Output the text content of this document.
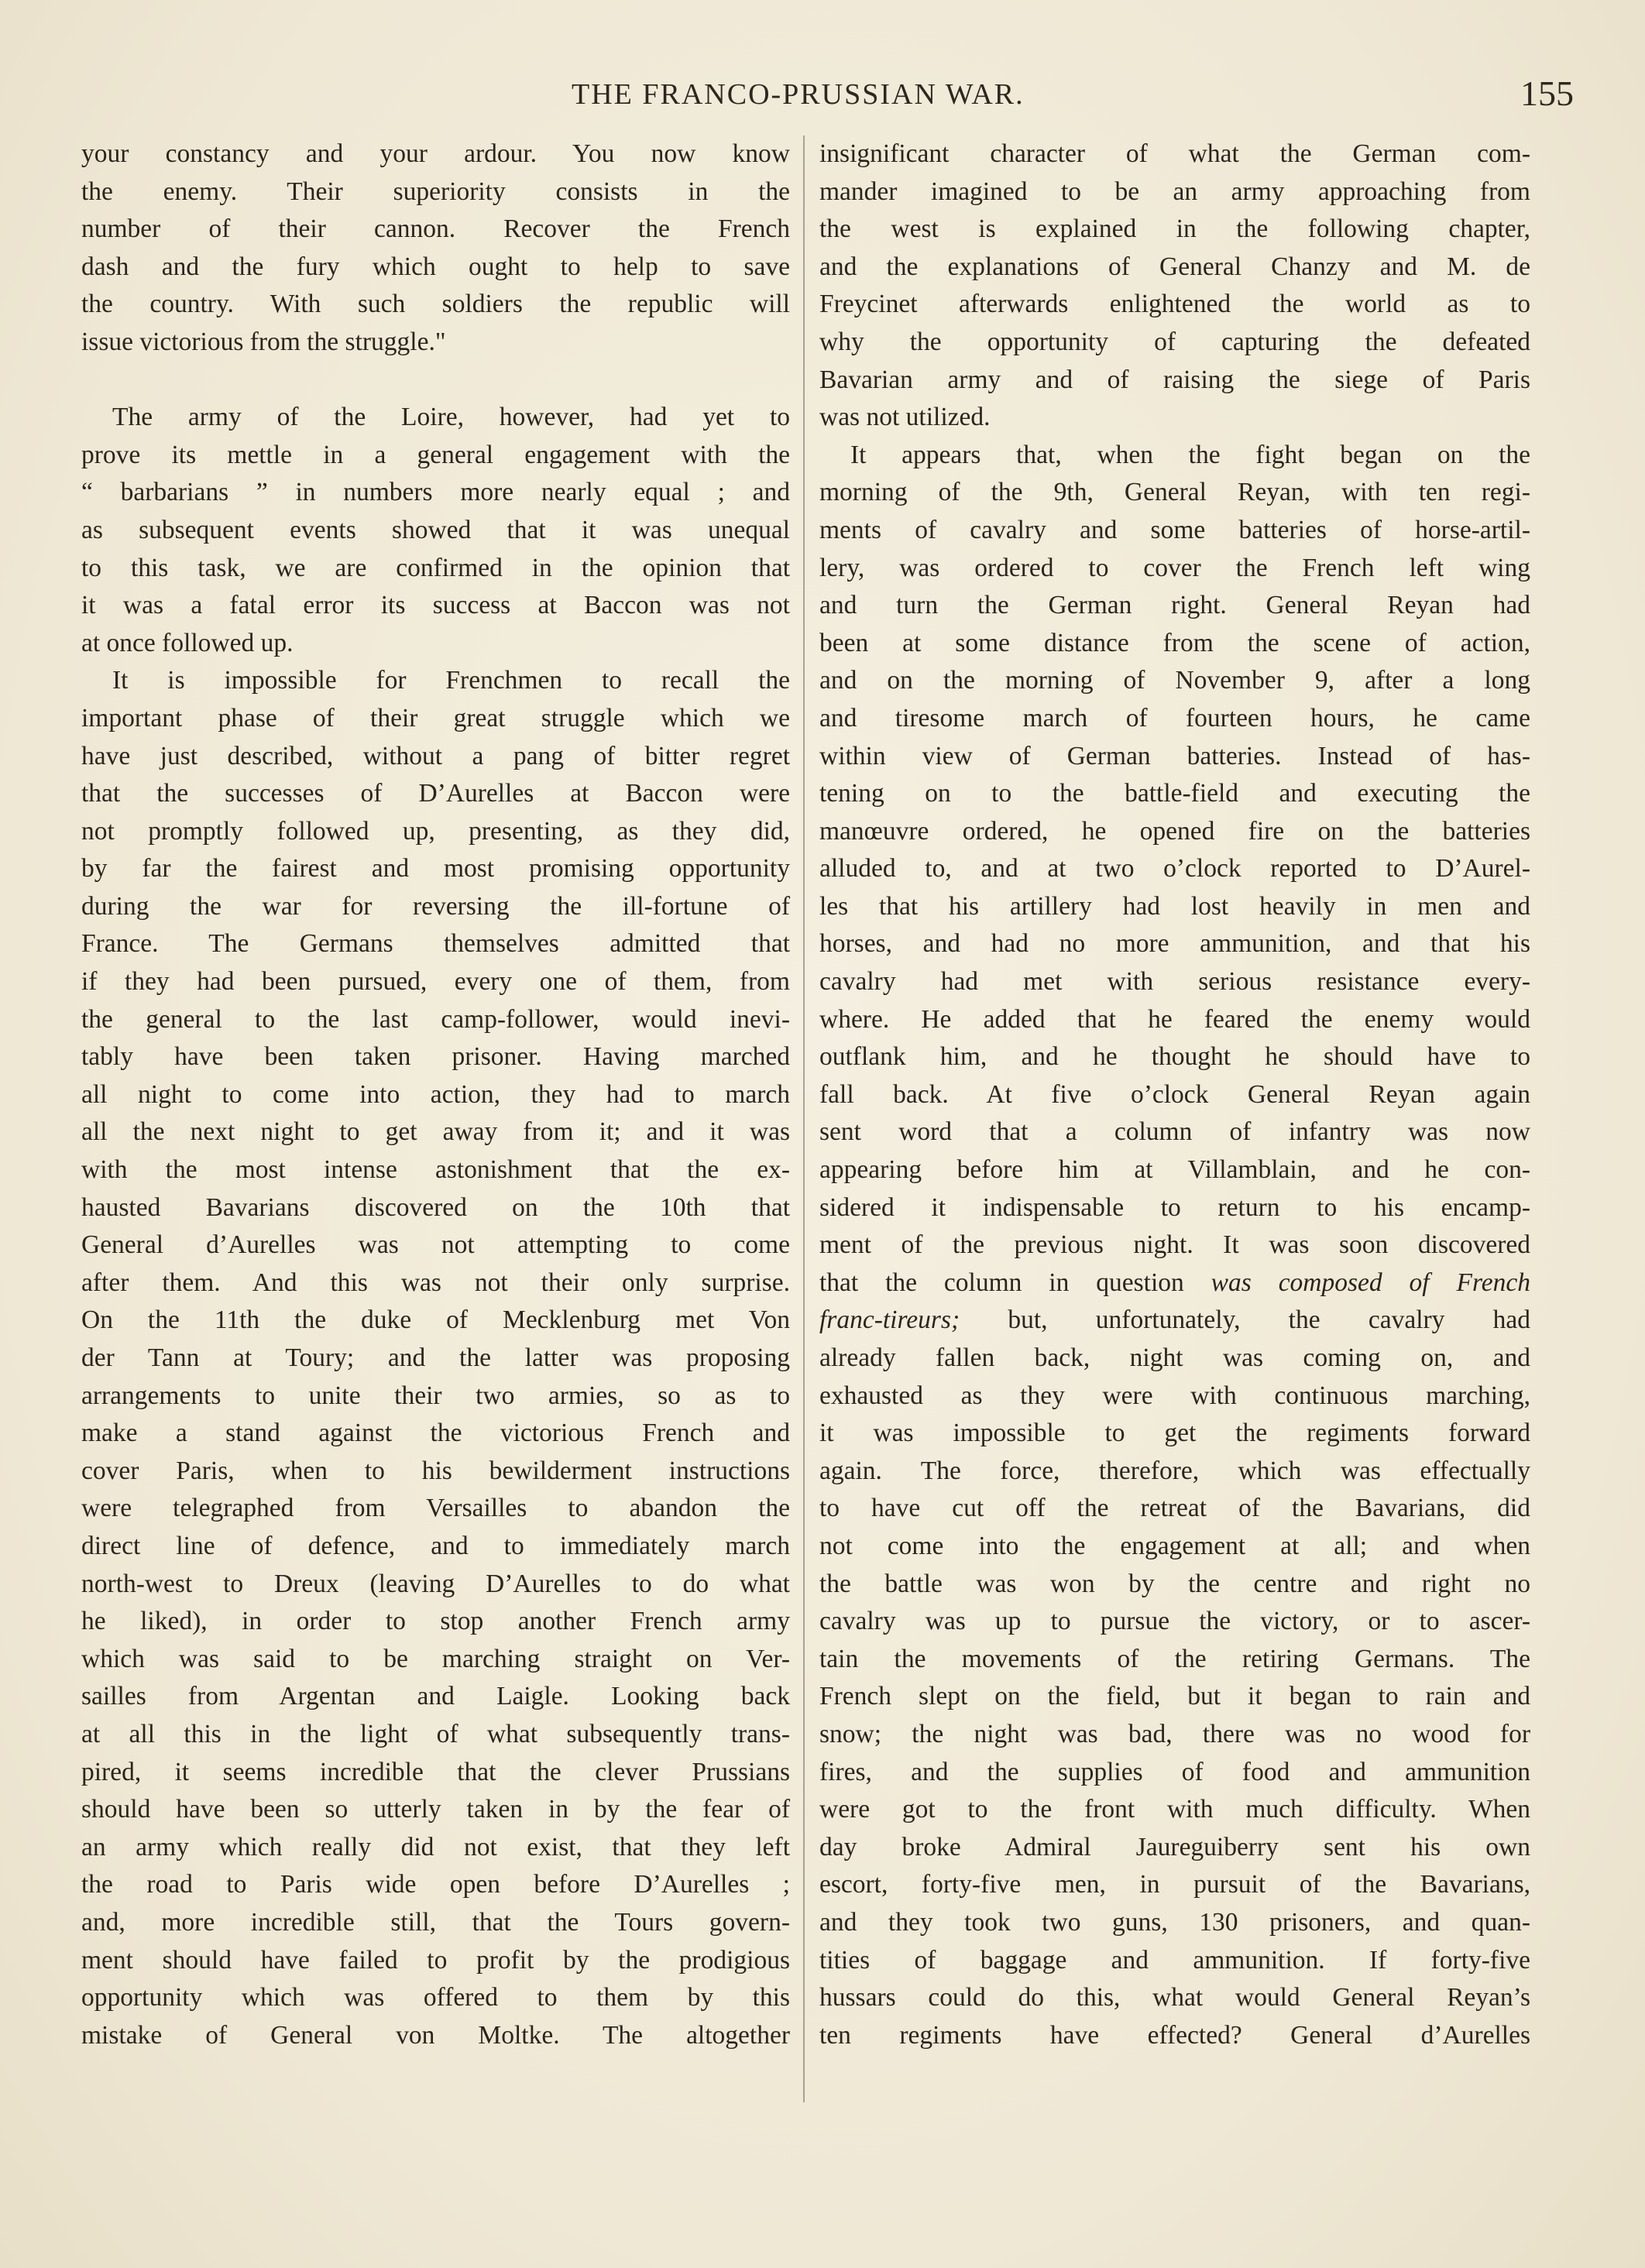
THE FRANCO-PRUSSIAN WAR.	155
your constancy and your ardour. You now know
the enemy. Their superiority consists in the
number of their cannon. Recover the French
dash and the fury which ought to help to save
the country. With such soldiers the republic will
issue victorious from the struggle."
The army of the Loire, however, had yet to
prove its mettle in a general engagement with the
“ barbarians ” in numbers more nearly equal ; and
as subsequent events showed that it was unequal
to this task, we are confirmed in the opinion that
it was a fatal error its success at Baccon was not
at once followed up.
It is impossible for Frenchmen to recall the
important phase of their great struggle which we
have just described, without a pang of bitter regret
that the successes of D’Aurelles at Baccon were
not promptly followed up, presenting, as they did,
by far the fairest and most promising opportunity
during the war for reversing the ill-fortune of
France. The Germans themselves admitted that
if they had been pursued, every one of them, from
the general to the last camp-follower, would inevi-
tably have been taken prisoner. Having marched
all night to come into action, they had to march
all the next night to get away from it; and it was
with the most intense astonishment that the ex-
hausted Bavarians discovered on the 10th that
General d’Aurelles was not attempting to come
after them. And this was not their only surprise.
On the 11th the duke of Mecklenburg met Von
der Tann at Toury; and the latter was proposing
arrangements to unite their two armies, so as to
make a stand against the victorious French and
cover Paris, when to his bewilderment instructions
were telegraphed from Versailles to abandon the
direct line of defence, and to immediately march
north-west to Dreux (leaving D’Aurelles to do what
he liked), in order to stop another French army
which was said to be marching straight on Ver-
sailles from Argentan and Laigle. Looking back
at all this in the light of what subsequently trans-
pired, it seems incredible that the clever Prussians
should have been so utterly taken in by the fear of
an army which really did not exist, that they left
the road to Paris wide open before D’Aurelles ;
and, more incredible still, that the Tours govern-
ment should have failed to profit by the prodigious
opportunity which was offered to them by this
mistake of General von Moltke. The altogether
insignificant character of what the German com-
mander imagined to be an army approaching from
the west is explained in the following chapter,
and the explanations of General Chanzy and M. de
Freycinet afterwards enlightened the world as to
why the opportunity of capturing the defeated
Bavarian army and of raising the siege of Paris
was not utilized.
It appears that, when the fight began on the
morning of the 9th, General Reyan, with ten regi-
ments of cavalry and some batteries of horse-artil-
lery, was ordered to cover the French left wing
and turn the German right. General Reyan had
been at some distance from the scene of action,
and on the morning of November 9, after a long
and tiresome march of fourteen hours, he came
within view of German batteries. Instead of has-
tening on to the battle-field and executing the
manœuvre ordered, he opened fire on the batteries
alluded to, and at two o’clock reported to D’Aurel-
les that his artillery had lost heavily in men and
horses, and had no more ammunition, and that his
cavalry had met with serious resistance every-
where. He added that he feared the enemy would
outflank him, and he thought he should have to
fall back. At five o’clock General Reyan again
sent word that a column of infantry was now
appearing before him at Villamblain, and he con-
sidered it indispensable to return to his encamp-
ment of the previous night. It was soon discovered
that the column in question was composed of French
franc-tireurs; but, unfortunately, the cavalry had
already fallen back, night was coming on, and
exhausted as they were with continuous marching,
it was impossible to get the regiments forward
again. The force, therefore, which was effectually
to have cut off the retreat of the Bavarians, did
not come into the engagement at all; and when
the battle was won by the centre and right no
cavalry was up to pursue the victory, or to ascer-
tain the movements of the retiring Germans. The
French slept on the field, but it began to rain and
snow; the night was bad, there was no wood for
fires, and the supplies of food and ammunition
were got to the front with much difficulty. When
day broke Admiral Jaureguiberry sent his own
escort, forty-five men, in pursuit of the Bavarians,
and they took two guns, 130 prisoners, and quan-
tities of baggage and ammunition. If forty-five
hussars could do this, what would General Reyan’s
ten regiments have effected? General d’Aurelles
